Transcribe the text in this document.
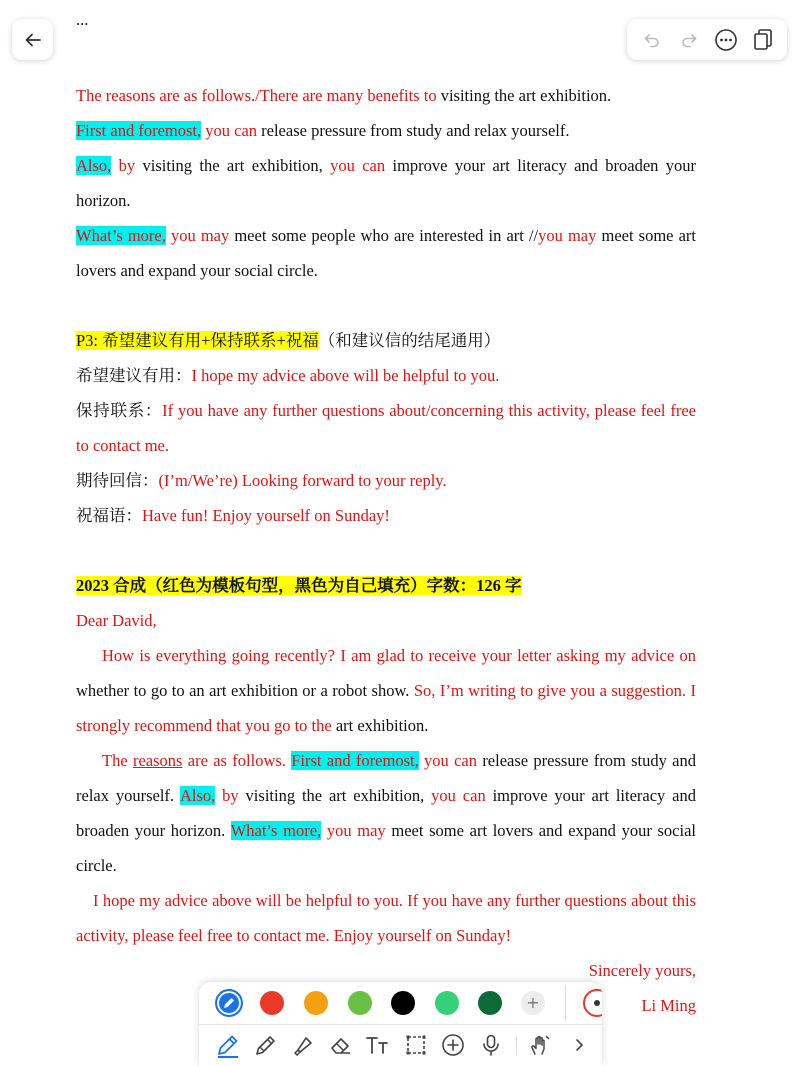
...

The reasons are as follows./There are many benefits to visiting the art exhibition.

First and foremost, you can release pressure from study and relax yourself.

Also, by visiting the art exhibition, you can improve your art literacy and broaden your horizon.

What’s more, you may meet some people who are interested in art //you may meet some art lovers and expand your social circle.

P3: 希望建议有用+保持联系+祝福（和建议信的结尾通用）

希望建议有用：I hope my advice above will be helpful to you.

保持联系：If you have any further questions about/concerning this activity, please feel free to contact me.

期待回信：(I’m/We’re) Looking forward to your reply.

祝福语：Have fun! Enjoy yourself on Sunday!

2023 合成（红色为模板句型，黑色为自己填充）字数：126 字

Dear David,

How is everything going recently? I am glad to receive your letter asking my advice on whether to go to an art exhibition or a robot show. So, I’m writing to give you a suggestion. I strongly recommend that you go to the art exhibition.

The reasons are as follows. First and foremost, you can release pressure from study and relax yourself. Also, by visiting the art exhibition, you can improve your art literacy and broaden your horizon. What’s more, you may meet some art lovers and expand your social circle.

I hope my advice above will be helpful to you. If you have any further questions about this activity, please feel free to contact me. Enjoy yourself on Sunday!

Sincerely yours,

Li Ming

+
